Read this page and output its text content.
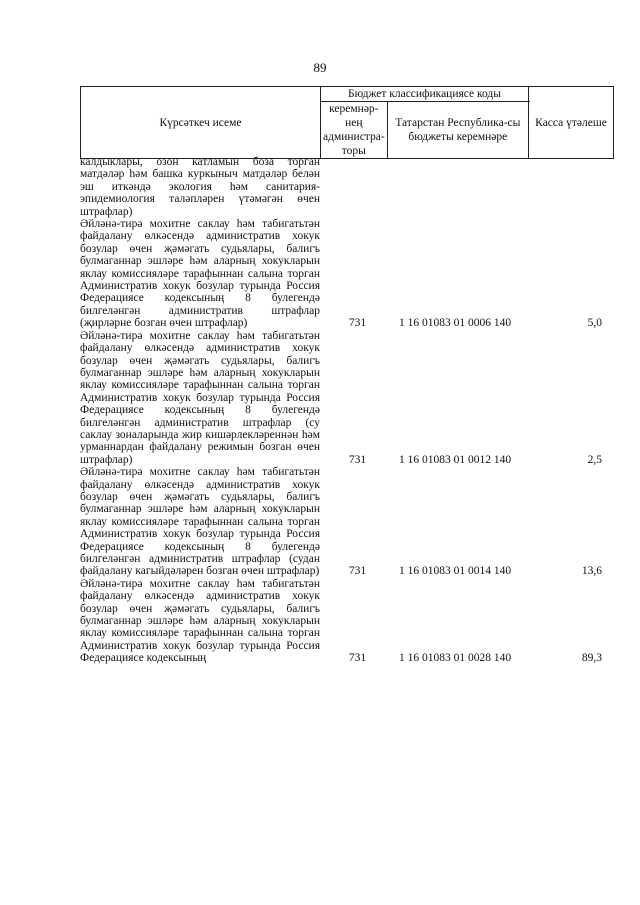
89
Күрсәткеч исеме	Бюджет классификациясе коды		Касса үтәлеше
	керемнәр-нең администра-торы	Татарстан Республика-сы бюджеты керемнәре	
калдыклары, озон катламын боза торган матдәләр һәм башка куркыныч матдәләр белән эш иткәндә экология һәм санитария-эпидемиология таләпләрен үтәмәгән өчен штрафлар)
Әйләнә-тирә мохитне саклау һәм табигатьтән файдалану өлкәсендә административ хокук бозулар өчен җәмәгать судьялары, балигъ булмаганнар эшләре һәм аларның хокукларын яклау комиссияләре тарафыннан салына торган Административ хокук бозулар турында Россия Федерациясе кодексының 8 булегендә билгеләнгән административ штрафлар (җирләрне бозган өчен штрафлар)	731	1 16 01083 01 0006 140	5,0
Әйләнә-тирә мохитне саклау һәм табигатьтән файдалану өлкәсендә административ хокук бозулар өчен җәмәгать судьялары, балигъ булмаганнар эшләре һәм аларның хокукларын яклау комиссияләре тарафыннан салына торган Административ хокук бозулар турында Россия Федерациясе кодексының 8 булегендә билгеләнгән административ штрафлар (су саклау зоналарында жир кишәрлекләреннән һәм урманнардан файдалану режимын бозган өчен штрафлар)	731	1 16 01083 01 0012 140	2,5
Әйләнә-тирә мохитне саклау һәм табигатьтән файдалану өлкәсендә административ хокук бозулар өчен җәмәгать судьялары, балигъ булмаганнар эшләре һәм аларның хокукларын яклау комиссияләре тарафыннан салына торган Административ хокук бозулар турында Россия Федерациясе кодексының 8 булегендә билгеләнгән административ штрафлар (судан файдалану кагыйдәләрен бозган өчен штрафлар)	731	1 16 01083 01 0014 140	13,6
Әйләнә-тирә мохитне саклау һәм табигатьтән файдалану өлкәсендә административ хокук бозулар өчен җәмәгать судьялары, балигъ булмаганнар эшләре һәм аларның хокукларын яклау комиссияләре тарафыннан салына торган Административ хокук бозулар турында Россия Федерациясе кодексының	731	1 16 01083 01 0028 140	89,3
